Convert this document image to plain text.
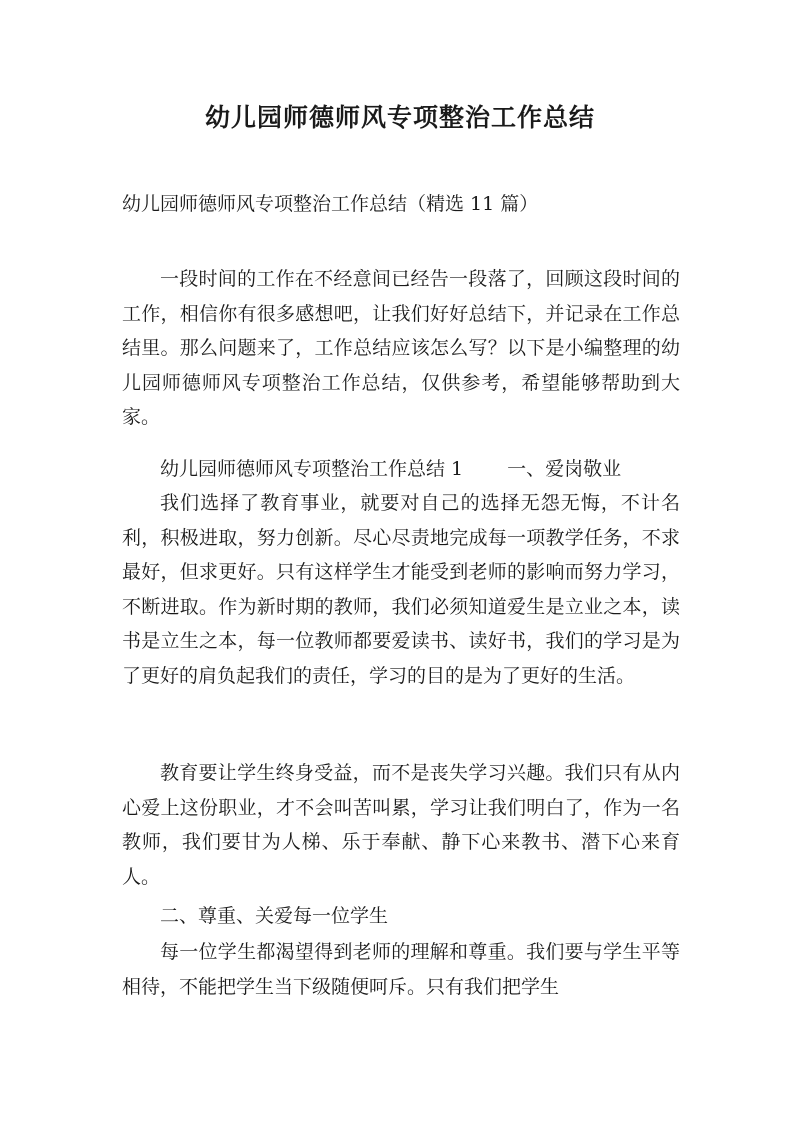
幼儿园师德师风专项整治工作总结
幼儿园师德师风专项整治工作总结（精选 11 篇）

一段时间的工作在不经意间已经告一段落了，回顾这段时间的工作，相信你有很多感想吧，让我们好好总结下，并记录在工作总结里。那么问题来了，工作总结应该怎么写？以下是小编整理的幼儿园师德师风专项整治工作总结，仅供参考，希望能够帮助到大家。

幼儿园师德师风专项整治工作总结 1 一、爱岗敬业

我们选择了教育事业，就要对自己的选择无怨无悔，不计名利，积极进取，努力创新。尽心尽责地完成每一项教学任务，不求最好，但求更好。只有这样学生才能受到老师的影响而努力学习，不断进取。作为新时期的教师，我们必须知道爱生是立业之本，读书是立生之本，每一位教师都要爱读书、读好书，我们的学习是为了更好的肩负起我们的责任，学习的目的是为了更好的生活。

教育要让学生终身受益，而不是丧失学习兴趣。我们只有从内心爱上这份职业，才不会叫苦叫累，学习让我们明白了，作为一名教师，我们要甘为人梯、乐于奉献、静下心来教书、潜下心来育人。

二、尊重、关爱每一位学生

每一位学生都渴望得到老师的理解和尊重。我们要与学生平等相待，不能把学生当下级随便呵斥。只有我们把学生
